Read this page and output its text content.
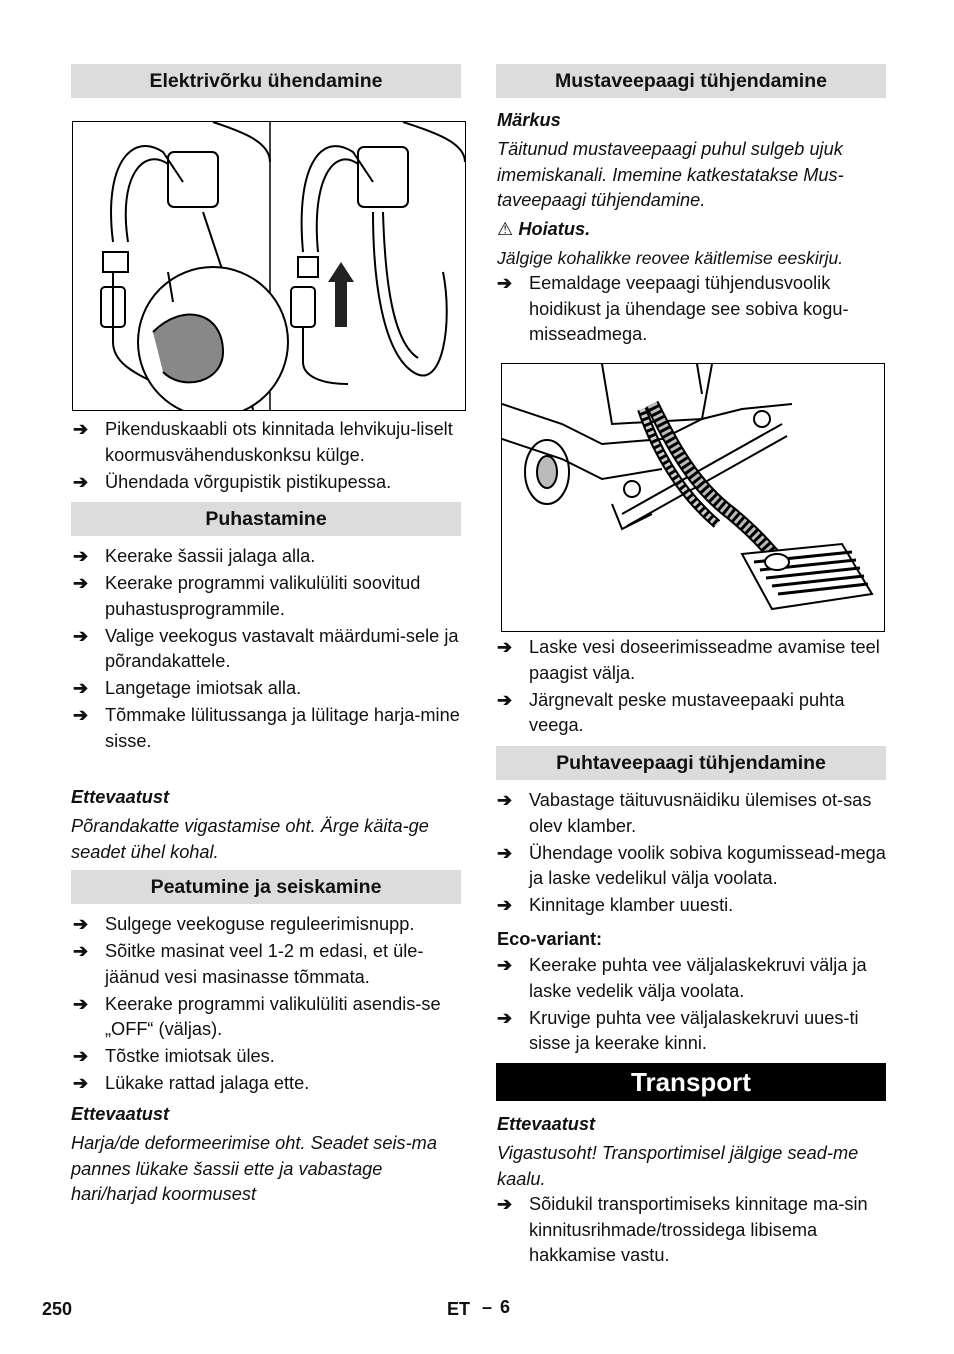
Elektrivõrku ühendamine
➔ Pikenduskaabli ots kinnitada lehvikuju-liselt koormusvähenduskonksu külge.
➔ Ühendada võrgupistik pistikupessa.
Puhastamine
➔ Keerake šassii jalaga alla.
➔ Keerake programmi valikulüliti soovitud puhastusprogrammile.
➔ Valige veekogus vastavalt määrdumi-sele ja põrandakattele.
➔ Langetage imiotsak alla.
➔ Tõmmake lülitussanga ja lülitage harja-mine sisse.
Ettevaatust
Põrandakatte vigastamise oht. Ärge käita-ge seadet ühel kohal.
Peatumine ja seiskamine
➔ Sulgege veekoguse reguleerimisnupp.
➔ Sõitke masinat veel 1-2 m edasi, et üle-jäänud vesi masinasse tõmmata.
➔ Keerake programmi valikulüliti asendis-se „OFF“ (väljas).
➔ Tõstke imiotsak üles.
➔ Lükake rattad jalaga ette.
Ettevaatust
Harja/de deformeerimise oht. Seadet seis-ma pannes lükake šassii ette ja vabastage hari/harjad koormusest
Mustaveepaagi tühjendamine
Märkus
Täitunud mustaveepaagi puhul sulgeb ujuk imemiskanali. Imemine katkestatakse Mus-taveepaagi tühjendamine.
⚠ Hoiatus.
Jälgige kohalikke reovee käitlemise eeskirju.
➔ Eemaldage veepaagi tühjendusvoolik hoidikust ja ühendage see sobiva kogu-misseadmega.
➔ Laske vesi doseerimisseadme avamise teel paagist välja.
➔ Järgnevalt peske mustaveepaaki puhta veega.
Puhtaveepaagi tühjendamine
➔ Vabastage täituvusnäidiku ülemises ot-sas olev klamber.
➔ Ühendage voolik sobiva kogumissead-mega ja laske vedelikul välja voolata.
➔ Kinnitage klamber uuesti.
Eco-variant:
➔ Keerake puhta vee väljalaskekruvi välja ja laske vedelik välja voolata.
➔ Kruvige puhta vee väljalaskekruvi uues-ti sisse ja keerake kinni.
Transport
Ettevaatust
Vigastusoht! Transportimisel jälgige sead-me kaalu.
➔ Sõidukil transportimiseks kinnitage ma-sin kinnitusrihmade/trossidega libisema hakkamise vastu.
250	ET – 6
